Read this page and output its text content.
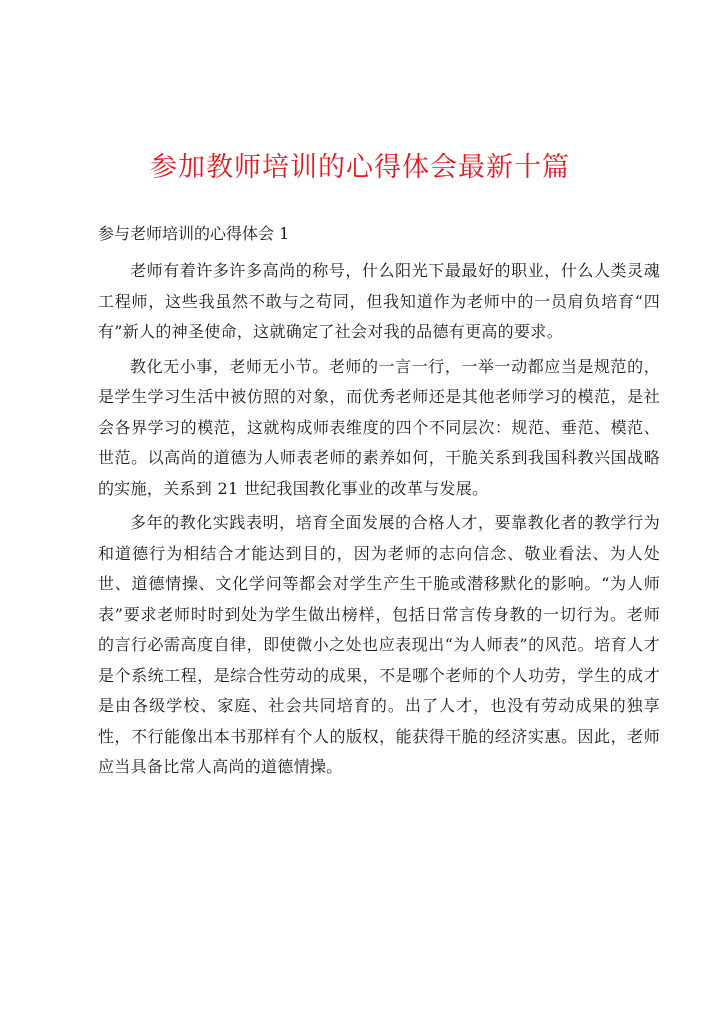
参加教师培训的心得体会最新十篇
参与老师培训的心得体会 1

老师有着许多许多高尚的称号，什么阳光下最最好的职业，什么人类灵魂工程师，这些我虽然不敢与之苟同，但我知道作为老师中的一员肩负培育“四有”新人的神圣使命，这就确定了社会对我的品德有更高的要求。

教化无小事，老师无小节。老师的一言一行，一举一动都应当是规范的，是学生学习生活中被仿照的对象，而优秀老师还是其他老师学习的模范，是社会各界学习的模范，这就构成师表维度的四个不同层次：规范、垂范、模范、世范。以高尚的道德为人师表老师的素养如何，干脆关系到我国科教兴国战略的实施，关系到 21 世纪我国教化事业的改革与发展。

多年的教化实践表明，培育全面发展的合格人才，要靠教化者的教学行为和道德行为相结合才能达到目的，因为老师的志向信念、敬业看法、为人处世、道德情操、文化学问等都会对学生产生干脆或潜移默化的影响。“为人师表”要求老师时时到处为学生做出榜样，包括日常言传身教的一切行为。老师的言行必需高度自律，即使微小之处也应表现出“为人师表”的风范。培育人才是个系统工程，是综合性劳动的成果，不是哪个老师的个人功劳，学生的成才是由各级学校、家庭、社会共同培育的。出了人才，也没有劳动成果的独享性，不行能像出本书那样有个人的版权，能获得干脆的经济实惠。因此，老师应当具备比常人高尚的道德情操。
